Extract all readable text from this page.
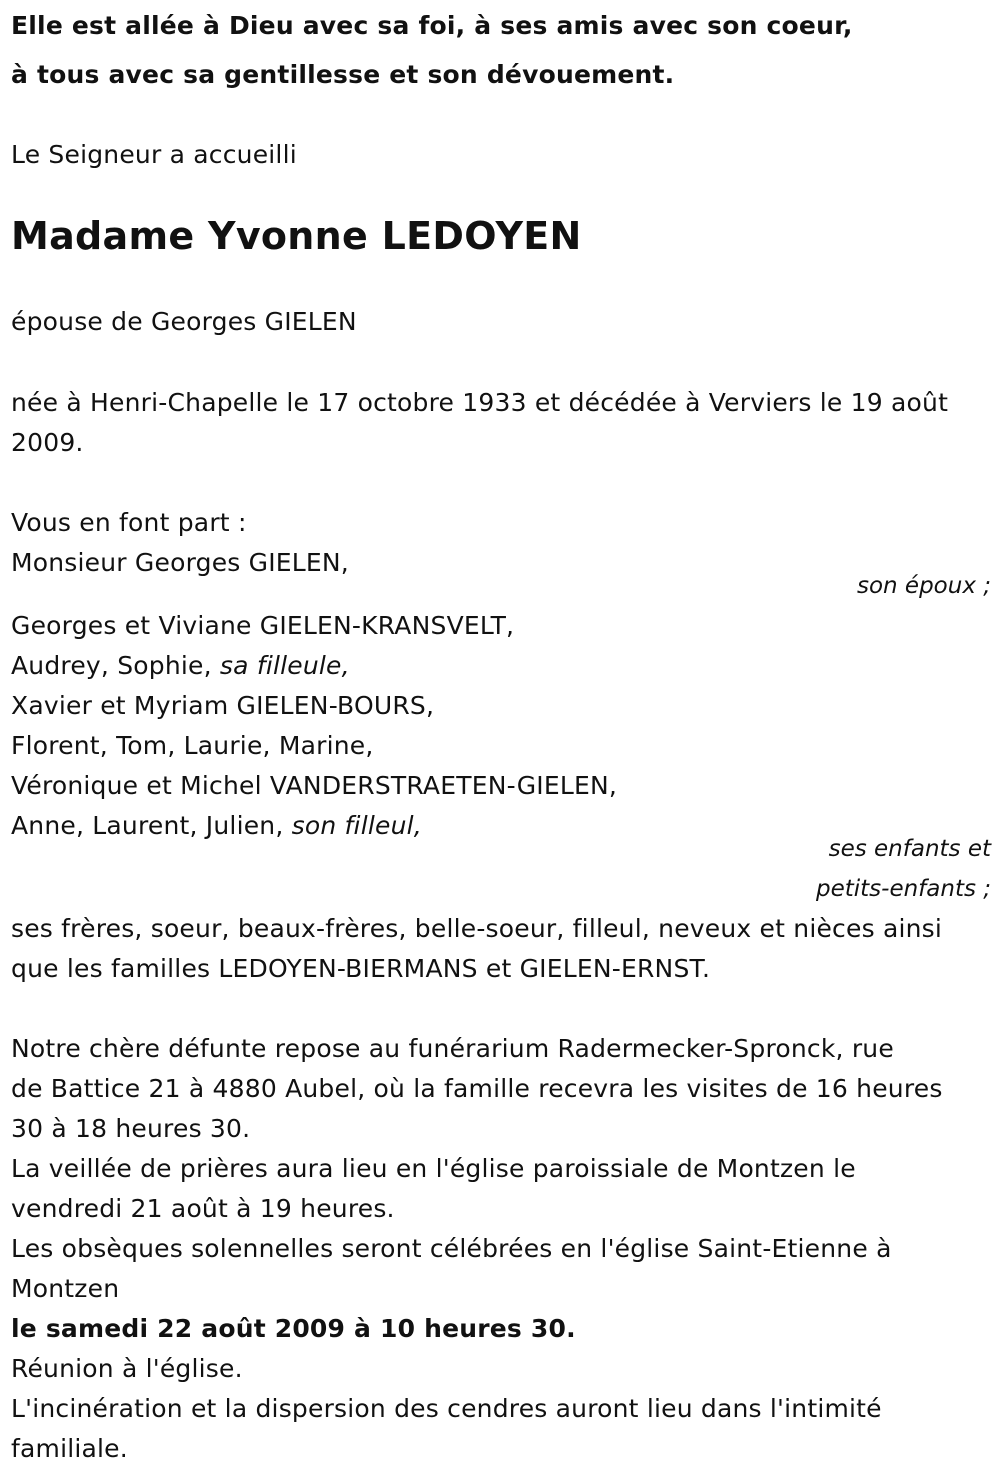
Elle est allée à Dieu avec sa foi, à ses amis avec son coeur,
à tous avec sa gentillesse et son dévouement.
Le Seigneur a accueilli
Madame Yvonne LEDOYEN
épouse de Georges GIELEN
née à Henri-Chapelle le 17 octobre 1933 et décédée à Verviers le 19 août
2009.
Vous en font part :
Monsieur Georges GIELEN,
son époux ;
Georges et Viviane GIELEN-KRANSVELT,
Audrey, Sophie, sa filleule,
Xavier et Myriam GIELEN-BOURS,
Florent, Tom, Laurie, Marine,
Véronique et Michel VANDERSTRAETEN-GIELEN,
Anne, Laurent, Julien, son filleul,
ses enfants et
petits-enfants ;
ses frères, soeur, beaux-frères, belle-soeur, filleul, neveux et nièces ainsi
que les familles LEDOYEN-BIERMANS et GIELEN-ERNST.
Notre chère défunte repose au funérarium Radermecker-Spronck, rue
de Battice 21 à 4880 Aubel, où la famille recevra les visites de 16 heures
30 à 18 heures 30.
La veillée de prières aura lieu en l'église paroissiale de Montzen le
vendredi 21 août à 19 heures.
Les obsèques solennelles seront célébrées en l'église Saint-Etienne à
Montzen
le samedi 22 août 2009 à 10 heures 30.
Réunion à l'église.
L'incinération et la dispersion des cendres auront lieu dans l'intimité
familiale.
